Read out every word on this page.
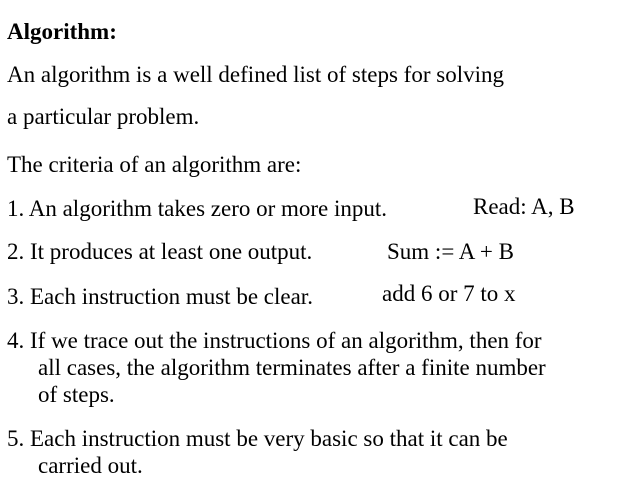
Algorithm:
An algorithm is a well defined list of steps for solving
a particular problem.
The criteria of an algorithm are:
1. An algorithm takes zero or more input.	Read: A, B
2. It produces at least one output.	Sum := A + B
3. Each instruction must be clear.	add 6 or 7 to x
4. If we trace out the instructions of an algorithm, then for
all cases, the algorithm terminates after a finite number
of steps.
5. Each instruction must be very basic so that it can be
carried out.
